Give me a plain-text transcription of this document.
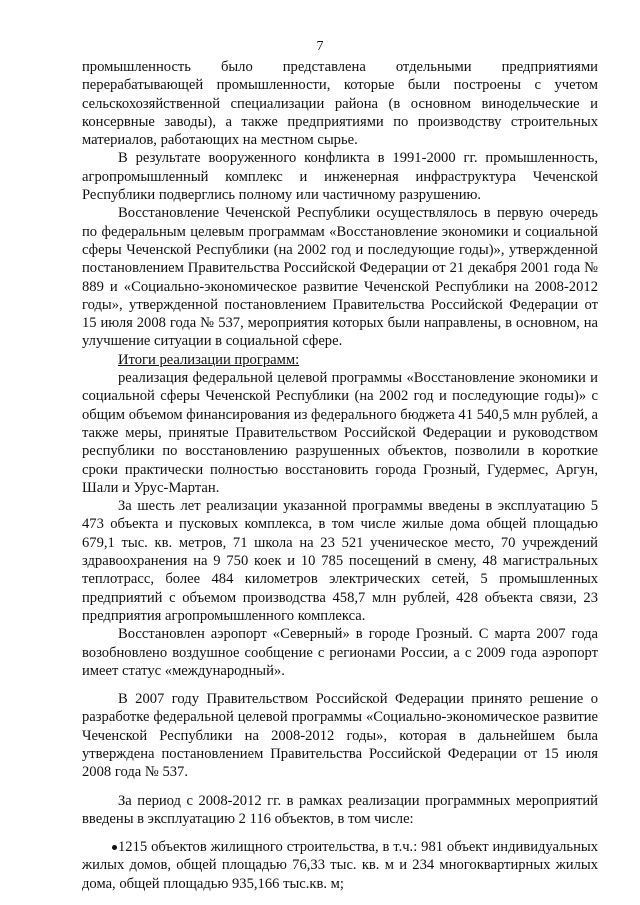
7

промышленность было представлена отдельными предприятиями перерабатывающей промышленности, которые были построены с учетом сельскохозяйственной специализации района (в основном винодельческие и консервные заводы), а также предприятиями по производству строительных материалов, работающих на местном сырье.

В результате вооруженного конфликта в 1991-2000 гг. промышленность, агропромышленный комплекс и инженерная инфраструктура Чеченской Республики подверглись полному или частичному разрушению.

Восстановление Чеченской Республики осуществлялось в первую очередь по федеральным целевым программам «Восстановление экономики и социальной сферы Чеченской Республики (на 2002 год и последующие годы)», утвержденной постановлением Правительства Российской Федерации от 21 декабря 2001 года № 889 и «Социально-экономическое развитие Чеченской Республики на 2008-2012 годы», утвержденной постановлением Правительства Российской Федерации от 15 июля 2008 года № 537, мероприятия которых были направлены, в основном, на улучшение ситуации в социальной сфере.

Итоги реализации программ:

реализация федеральной целевой программы «Восстановление экономики и социальной сферы Чеченской Республики (на 2002 год и последующие годы)» с общим объемом финансирования из федерального бюджета 41 540,5 млн рублей, а также меры, принятые Правительством Российской Федерации и руководством республики по восстановлению разрушенных объектов, позволили в короткие сроки практически полностью восстановить города Грозный, Гудермес, Аргун, Шали и Урус-Мартан.

За шесть лет реализации указанной программы введены в эксплуатацию 5 473 объекта и пусковых комплекса, в том числе жилые дома общей площадью 679,1 тыс. кв. метров, 71 школа на 23 521 ученическое место, 70 учреждений здравоохранения на 9 750 коек и 10 785 посещений в смену, 48 магистральных теплотрасс, более 484 километров электрических сетей, 5 промышленных предприятий с объемом производства 458,7 млн рублей, 428 объекта связи, 23 предприятия агропромышленного комплекса.

Восстановлен аэропорт «Северный» в городе Грозный. С марта 2007 года возобновлено воздушное сообщение с регионами России, а с 2009 года аэропорт имеет статус «международный».

В 2007 году Правительством Российской Федерации принято решение о разработке федеральной целевой программы «Социально-экономическое развитие Чеченской Республики на 2008-2012 годы», которая в дальнейшем была утверждена постановлением Правительства Российской Федерации от 15 июля 2008 года № 537.

За период с 2008-2012 гг. в рамках реализации программных мероприятий введены в эксплуатацию 2 116 объектов, в том числе:

1215 объектов жилищного строительства, в т.ч.: 981 объект индивидуальных жилых домов, общей площадью 76,33 тыс. кв. м и 234 многоквартирных жилых дома, общей площадью 935,166 тыс.кв. м;
